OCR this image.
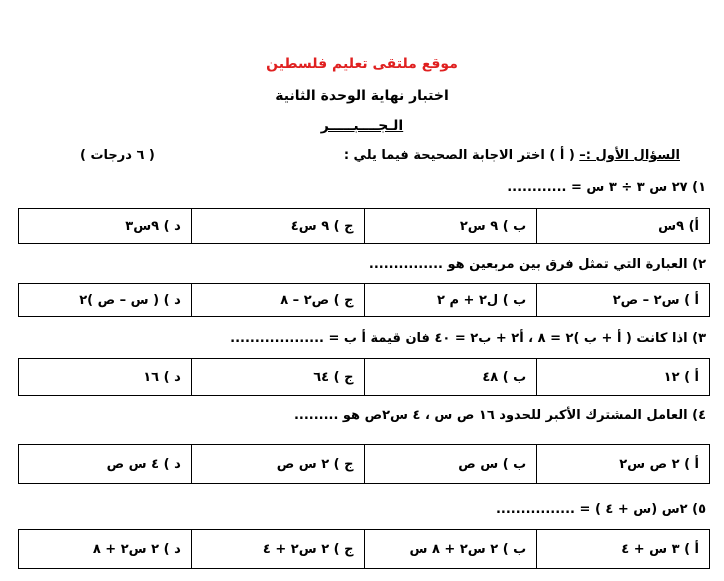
موقع ملتقى تعليم فلسطين
اختبار نهاية الوحدة الثانية
الـجــــبـــــر
السؤال الأول :– ( أ ) اختر الاجابة الصحيحة فيما يلي :
( ٦ درجات )
١) ٢٧ س ٣ ÷ ٣ س = ............
أ) ٩س	ب ) ٩ س٢	ج ) ٩ س٤	د ) ٩س٣
٢) العبارة التي تمثل فرق بين مربعين هو ...............
أ ) س٢ – ص٢	ب ) ل٢ + م ٢	ج ) ص٢ – ٨	د ) ( س – ص )٢
٣) اذا كانت ( أ + ب )٢ = ٨ ، أ٢ + ب٢ = ٤٠ فان قيمة أ ب = ...................
أ ) ١٢	ب ) ٤٨	ج ) ٦٤	د ) ١٦
٤) العامل المشترك الأكبر للحدود ١٦ ص س ، ٤ س٢ص هو .........
أ ) ٢ ص س٢	ب ) س ص	ج ) ٢ س ص	د ) ٤ س ص
٥) ٢س (س + ٤ ) = ................
أ ) ٣ س + ٤	ب ) ٢ س٢ + ٨ س	ج ) ٢ س٢ + ٤	د ) ٢ س٢ + ٨
